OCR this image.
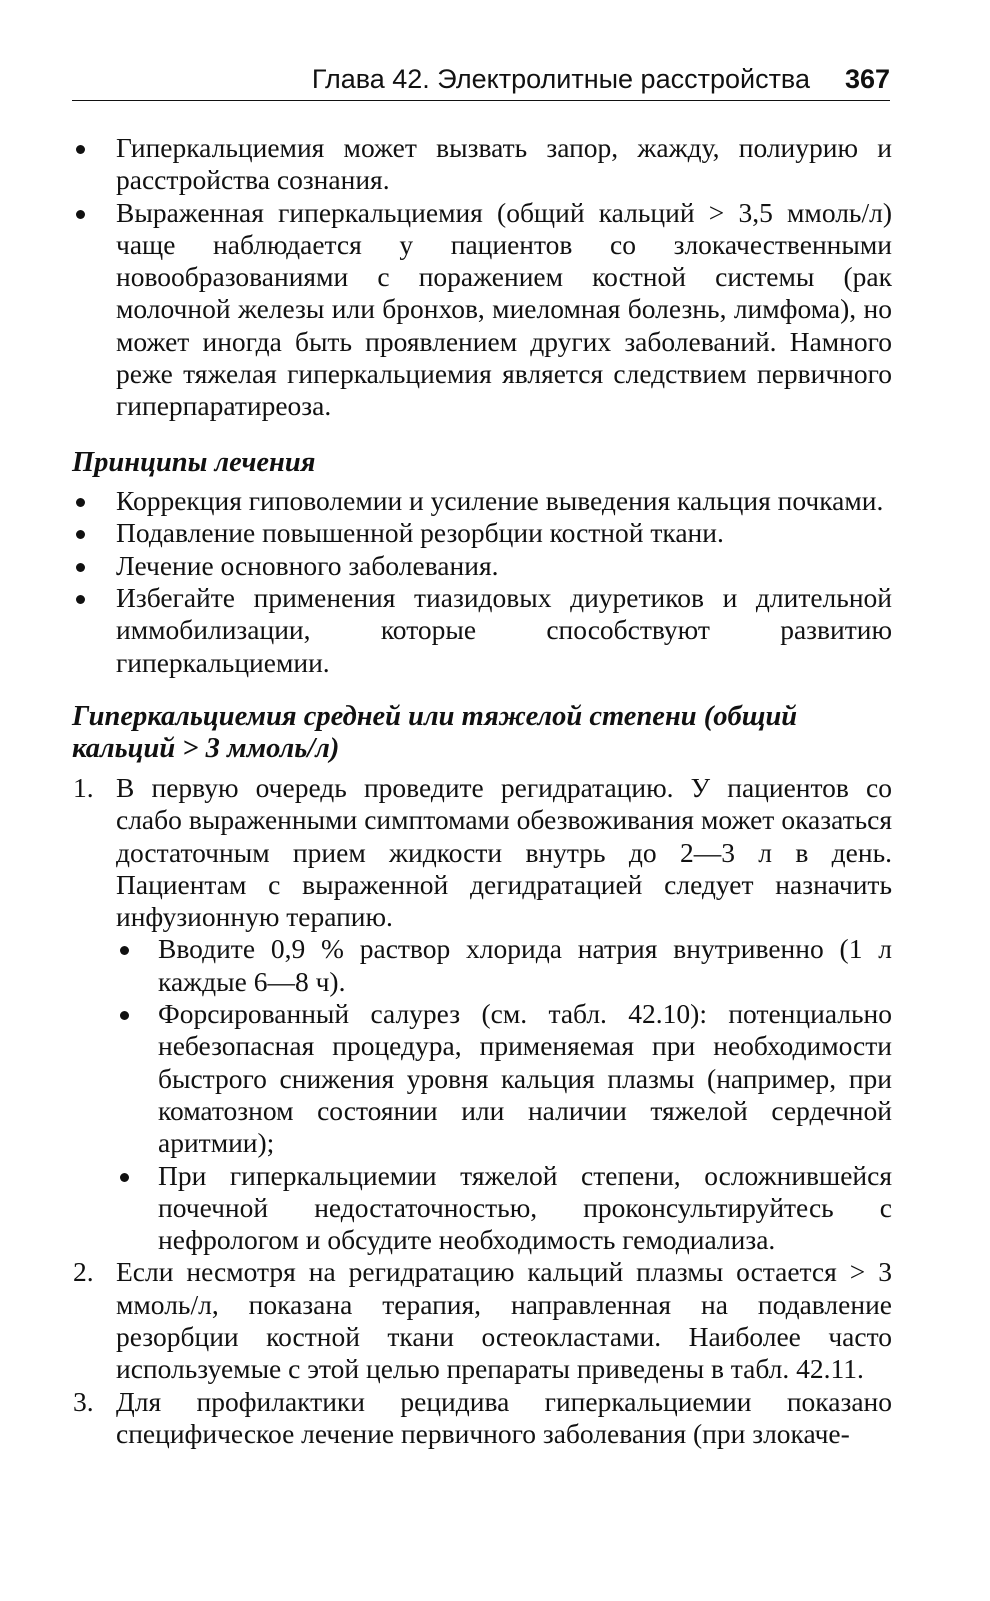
Глава 42. Электролитные расстройства 367

Гиперкальциемия может вызвать запор, жажду, полиурию и расстройства сознания.

Выраженная гиперкальциемия (общий кальций > 3,5 ммоль/л) чаще наблюдается у пациентов со злокачественными новообразованиями с поражением костной системы (рак молочной железы или бронхов, миеломная болезнь, лимфома), но может иногда быть проявлением других заболеваний. Намного реже тяжелая гиперкальциемия является следствием первичного гиперпаратиреоза.

Принципы лечения

Коррекция гиповолемии и усиление выведения кальция почками.

Подавление повышенной резорбции костной ткани.

Лечение основного заболевания.

Избегайте применения тиазидовых диуретиков и длительной иммобилизации, которые способствуют развитию гиперкальциемии.

Гиперкальциемия средней или тяжелой степени (общий кальций > 3 ммоль/л)
1. В первую очередь проведите регидратацию. У пациентов со слабо выраженными симптомами обезвоживания может оказаться достаточным прием жидкости внутрь до 2—3 л в день. Пациентам с выраженной дегидратацией следует назначить инфузионную терапию.

Вводите 0,9 % раствор хлорида натрия внутривенно (1 л каждые 6—8 ч).

Форсированный салурез (см. табл. 42.10): потенциально небезопасная процедура, применяемая при необходимости быстрого снижения уровня кальция плазмы (например, при коматозном состоянии или наличии тяжелой сердечной аритмии);

При гиперкальциемии тяжелой степени, осложнившейся почечной недостаточностью, проконсультируйтесь с нефрологом и обсудите необходимость гемодиализа.

2. Если несмотря на регидратацию кальций плазмы остается > 3 ммоль/л, показана терапия, направленная на подавление резорбции костной ткани остеокластами. Наиболее часто используемые с этой целью препараты приведены в табл. 42.11.

3. Для профилактики рецидива гиперкальциемии показано специфическое лечение первичного заболевания (при злокаче-
